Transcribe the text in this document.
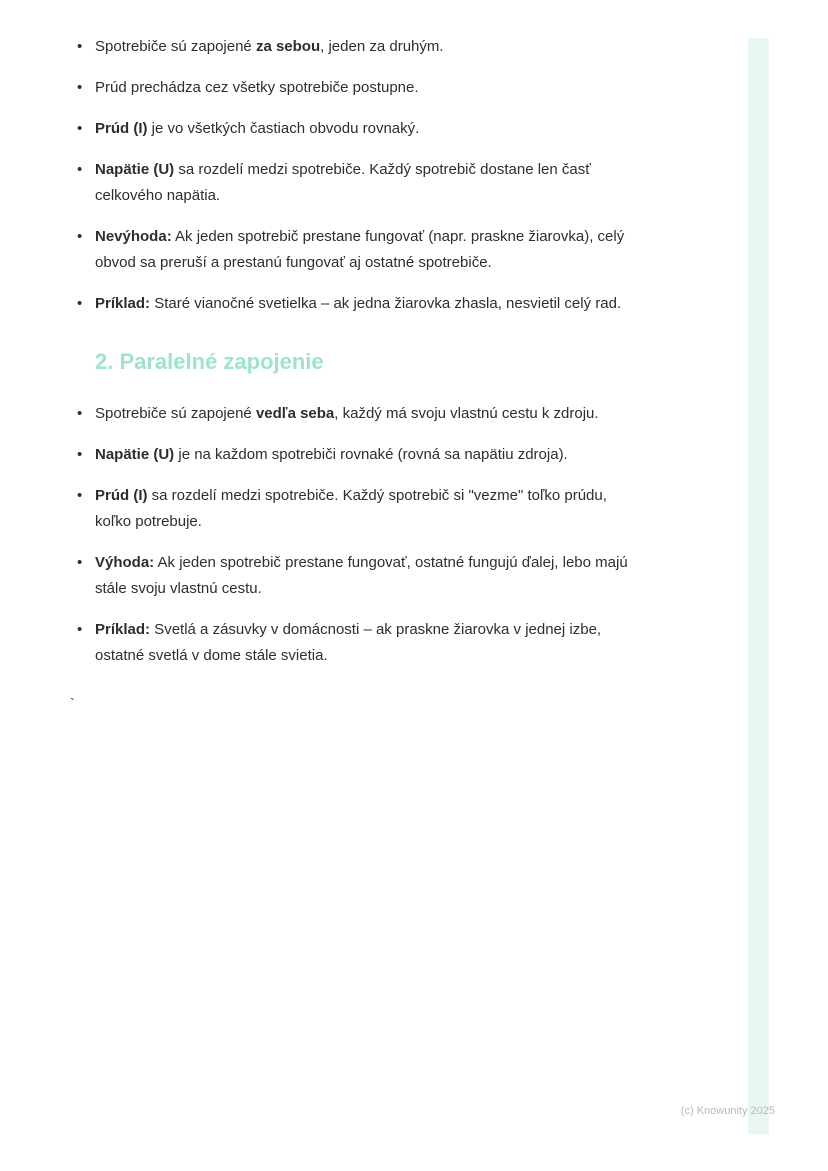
• Spotrebiče sú zapojené za sebou, jeden za druhým.
• Prúd prechádza cez všetky spotrebiče postupne.
• Prúd (I) je vo všetkých častiach obvodu rovnaký.
• Napätie (U) sa rozdelí medzi spotrebiče. Každý spotrebič dostane len časť celkového napätia.
• Nevýhoda: Ak jeden spotrebič prestane fungovať (napr. praskne žiarovka), celý obvod sa preruší a prestanú fungovať aj ostatné spotrebiče.
• Príklad: Staré vianočné svetielka – ak jedna žiarovka zhasla, nesvietil celý rad.
2. Paralelné zapojenie
• Spotrebiče sú zapojené vedľa seba, každý má svoju vlastnú cestu k zdroju.
• Napätie (U) je na každom spotrebiči rovnaké (rovná sa napätiu zdroja).
• Prúd (I) sa rozdelí medzi spotrebiče. Každý spotrebič si "vezme" toľko prúdu, koľko potrebuje.
• Výhoda: Ak jeden spotrebič prestane fungovať, ostatné fungujú ďalej, lebo majú stále svoju vlastnú cestu.
• Príklad: Svetlá a zásuvky v domácnosti – ak praskne žiarovka v jednej izbe, ostatné svetlá v dome stále svietia.
`
(c) Knowunity 2025
